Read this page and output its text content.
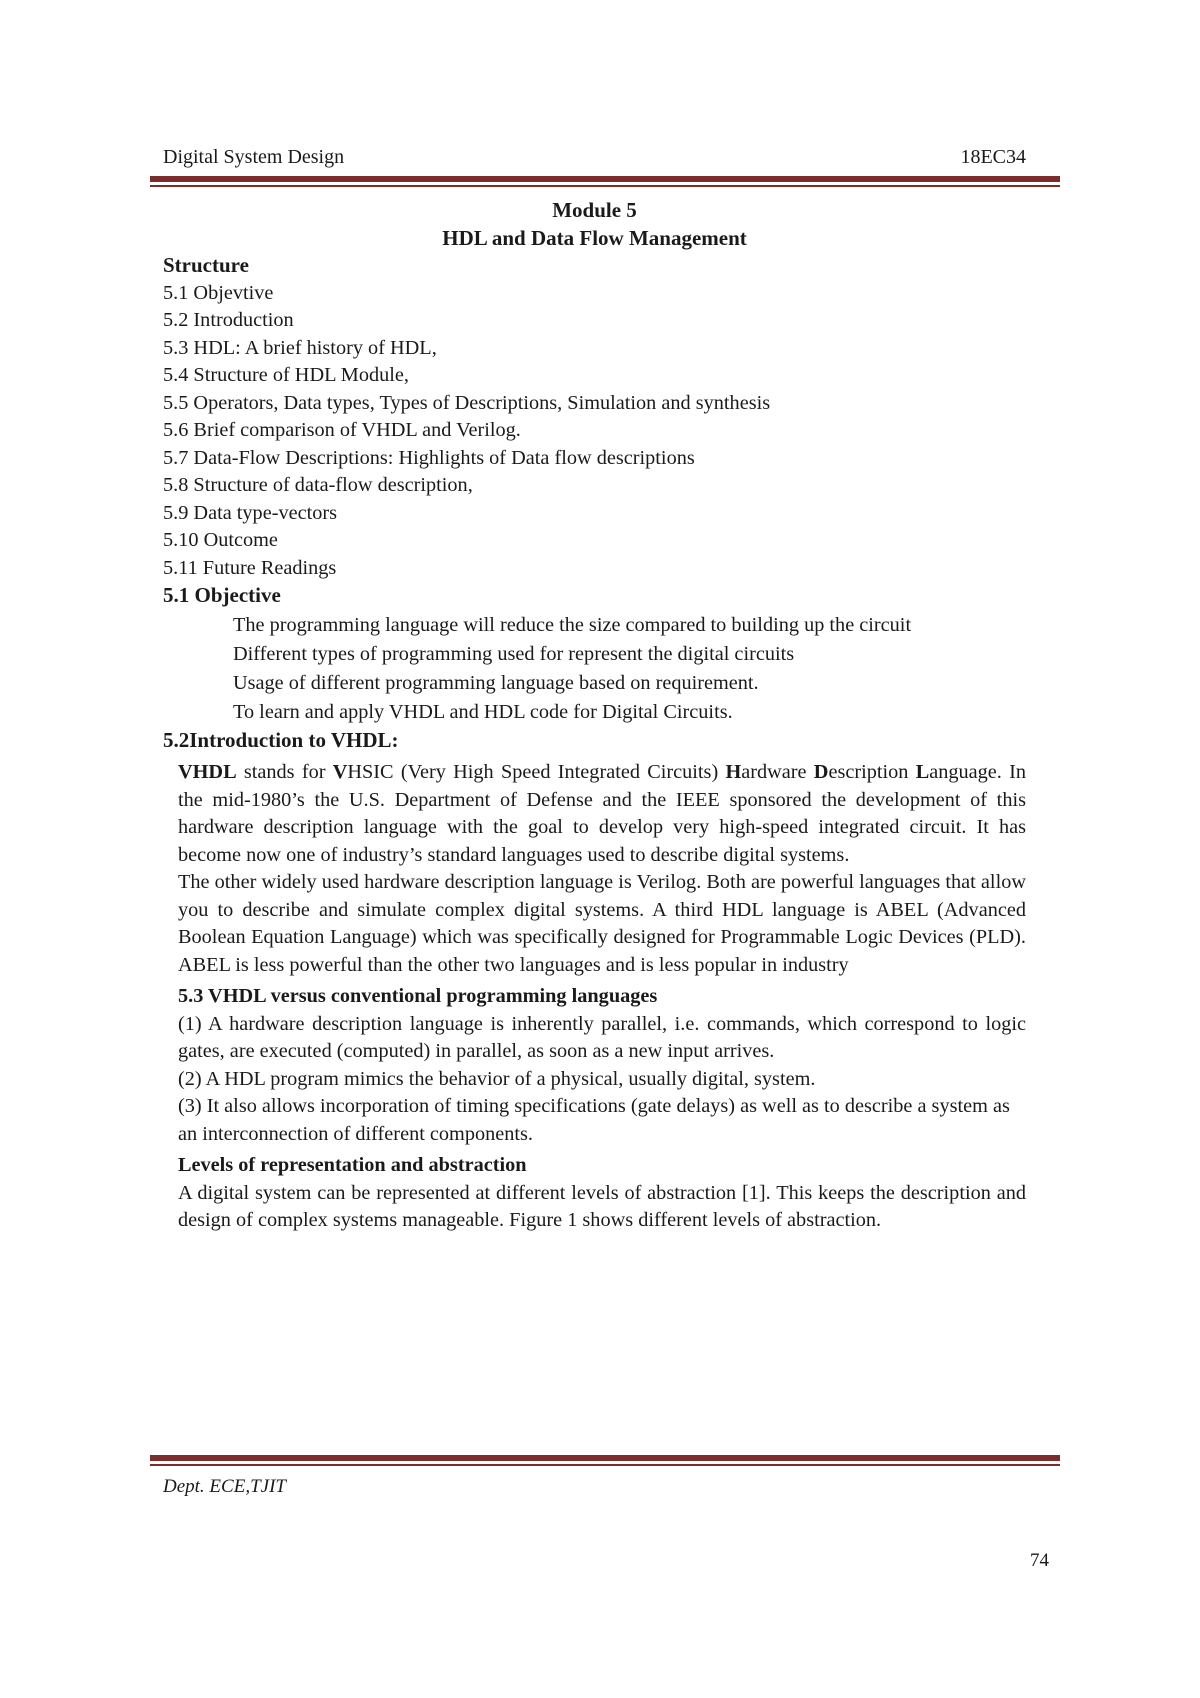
Digital System Design	18EC34

Module 5

HDL and Data Flow Management

Structure

5.1 Objevtive
5.2 Introduction
5.3 HDL: A brief history of HDL,
5.4 Structure of HDL Module,
5.5 Operators, Data types, Types of Descriptions, Simulation and synthesis
5.6 Brief comparison of VHDL and Verilog.
5.7 Data-Flow Descriptions: Highlights of Data flow descriptions
5.8 Structure of data-flow description,
5.9 Data type-vectors
5.10 Outcome
5.11 Future Readings

5.1 Objective

The programming language will reduce the size compared to building up the circuit
Different types of programming used for represent the digital circuits
Usage of different programming language based on requirement.
To learn and apply VHDL and HDL code for Digital Circuits.

5.2Introduction to VHDL:

VHDL stands for VHSIC (Very High Speed Integrated Circuits) Hardware Description Language. In the mid-1980’s the U.S. Department of Defense and the IEEE sponsored the development of this hardware description language with the goal to develop very high-speed integrated circuit. It has become now one of industry’s standard languages used to describe digital systems.

The other widely used hardware description language is Verilog. Both are powerful languages that allow you to describe and simulate complex digital systems. A third HDL language is ABEL (Advanced Boolean Equation Language) which was specifically designed for Programmable Logic Devices (PLD). ABEL is less powerful than the other two languages and is less popular in industry

5.3 VHDL versus conventional programming languages

(1) A hardware description language is inherently parallel, i.e. commands, which correspond to logic gates, are executed (computed) in parallel, as soon as a new input arrives.

(2) A HDL program mimics the behavior of a physical, usually digital, system.

(3) It also allows incorporation of timing specifications (gate delays) as well as to describe a system as an interconnection of different components.

Levels of representation and abstraction

A digital system can be represented at different levels of abstraction [1]. This keeps the description and design of complex systems manageable. Figure 1 shows different levels of abstraction.

Dept. ECE,TJIT
74
